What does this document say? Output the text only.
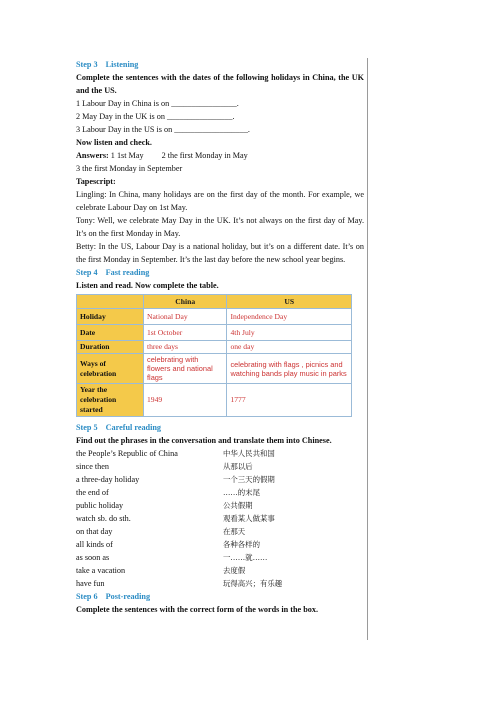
Step 3 Listening

Complete the sentences with the dates of the following holidays in China, the UK and the US.

1 Labour Day in China is on ________________.

2 May Day in the UK is on ________________.

3 Labour Day in the US is on __________________.

Now listen and check.

Answers: 1 1st May 2 the first Monday in May

3 the first Monday in September

Tapescript:

Lingling: In China, many holidays are on the first day of the month. For example, we celebrate Labour Day on 1st May.

Tony: Well, we celebrate May Day in the UK. It’s not always on the first day of May. It’s on the first Monday in May.

Betty: In the US, Labour Day is a national holiday, but it’s on a different date. It’s on the first Monday in September. It’s the last day before the new school year begins.

Step 4 Fast reading

Listen and read. Now complete the table.

	China	US
Holiday	National Day	Independence Day
Date	1st October	4th July
Duration	three days	one day
Ways of celebration	celebrating with flowers and national flags	celebrating with flags , picnics and watching bands play music in parks
Year the celebration started	1949	1777

Step 5 Careful reading

Find out the phrases in the conversation and translate them into Chinese.

the People’s Republic of China	中华人民共和国
since then	从那以后
a three-day holiday	一个三天的假期
the end of	……的末尾
public holiday	公共假期
watch sb. do sth.	观看某人做某事
on that day	在那天
all kinds of	各种各样的
as soon as	一……就……
take a vacation	去度假
have fun	玩得高兴；有乐趣

Step 6 Post-reading

Complete the sentences with the correct form of the words in the box.
